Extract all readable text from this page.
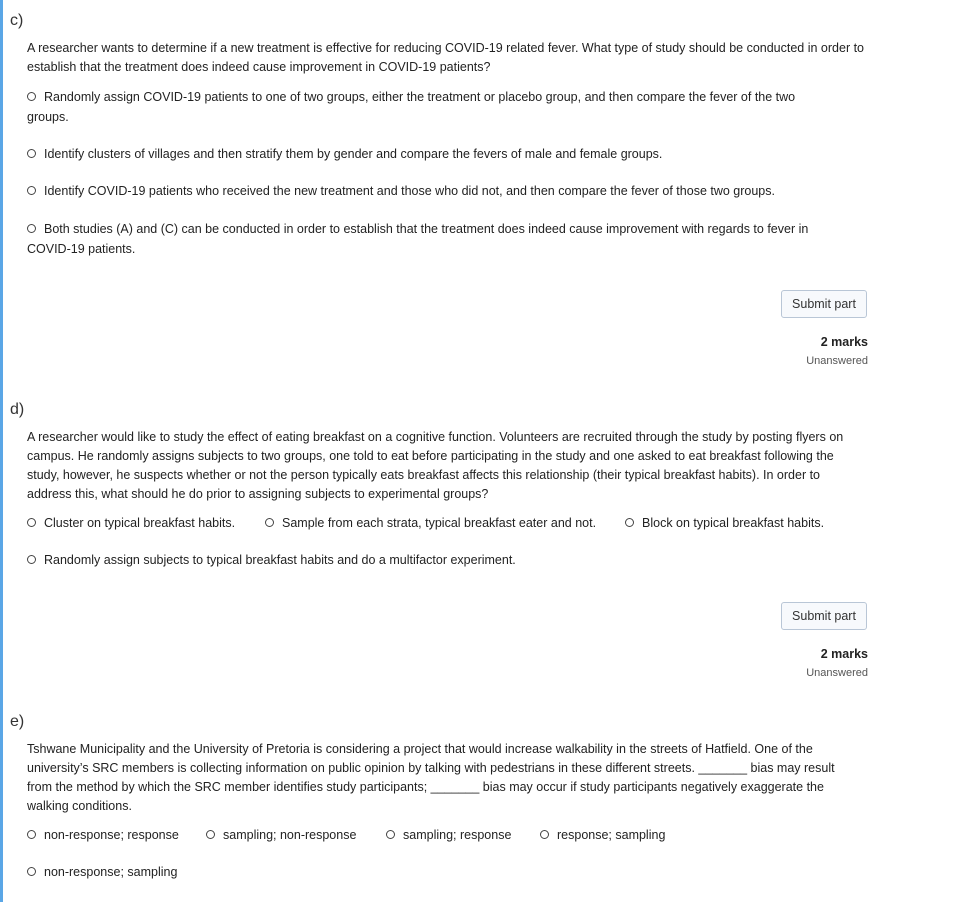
c)
A researcher wants to determine if a new treatment is effective for reducing COVID-19 related fever. What type of study should be conducted in order to establish that the treatment does indeed cause improvement in COVID-19 patients?
Randomly assign COVID-19 patients to one of two groups, either the treatment or placebo group, and then compare the fever of the two groups.
Identify clusters of villages and then stratify them by gender and compare the fevers of male and female groups.
Identify COVID-19 patients who received the new treatment and those who did not, and then compare the fever of those two groups.
Both studies (A) and (C) can be conducted in order to establish that the treatment does indeed cause improvement with regards to fever in COVID-19 patients.
Submit part
2 marks
Unanswered
d)
A researcher would like to study the effect of eating breakfast on a cognitive function. Volunteers are recruited through the study by posting flyers on campus. He randomly assigns subjects to two groups, one told to eat before participating in the study and one asked to eat breakfast following the study, however, he suspects whether or not the person typically eats breakfast affects this relationship (their typical breakfast habits). In order to address this, what should he do prior to assigning subjects to experimental groups?
Cluster on typical breakfast habits.	Sample from each strata, typical breakfast eater and not.	Block on typical breakfast habits.
Randomly assign subjects to typical breakfast habits and do a multifactor experiment.
Submit part
2 marks
Unanswered
e)
Tshwane Municipality and the University of Pretoria is considering a project that would increase walkability in the streets of Hatfield. One of the university’s SRC members is collecting information on public opinion by talking with pedestrians in these different streets. _______ bias may result from the method by which the SRC member identifies study participants; _______ bias may occur if study participants negatively exaggerate the walking conditions.
non-response; response	sampling; non-response	sampling; response	response; sampling
non-response; sampling
